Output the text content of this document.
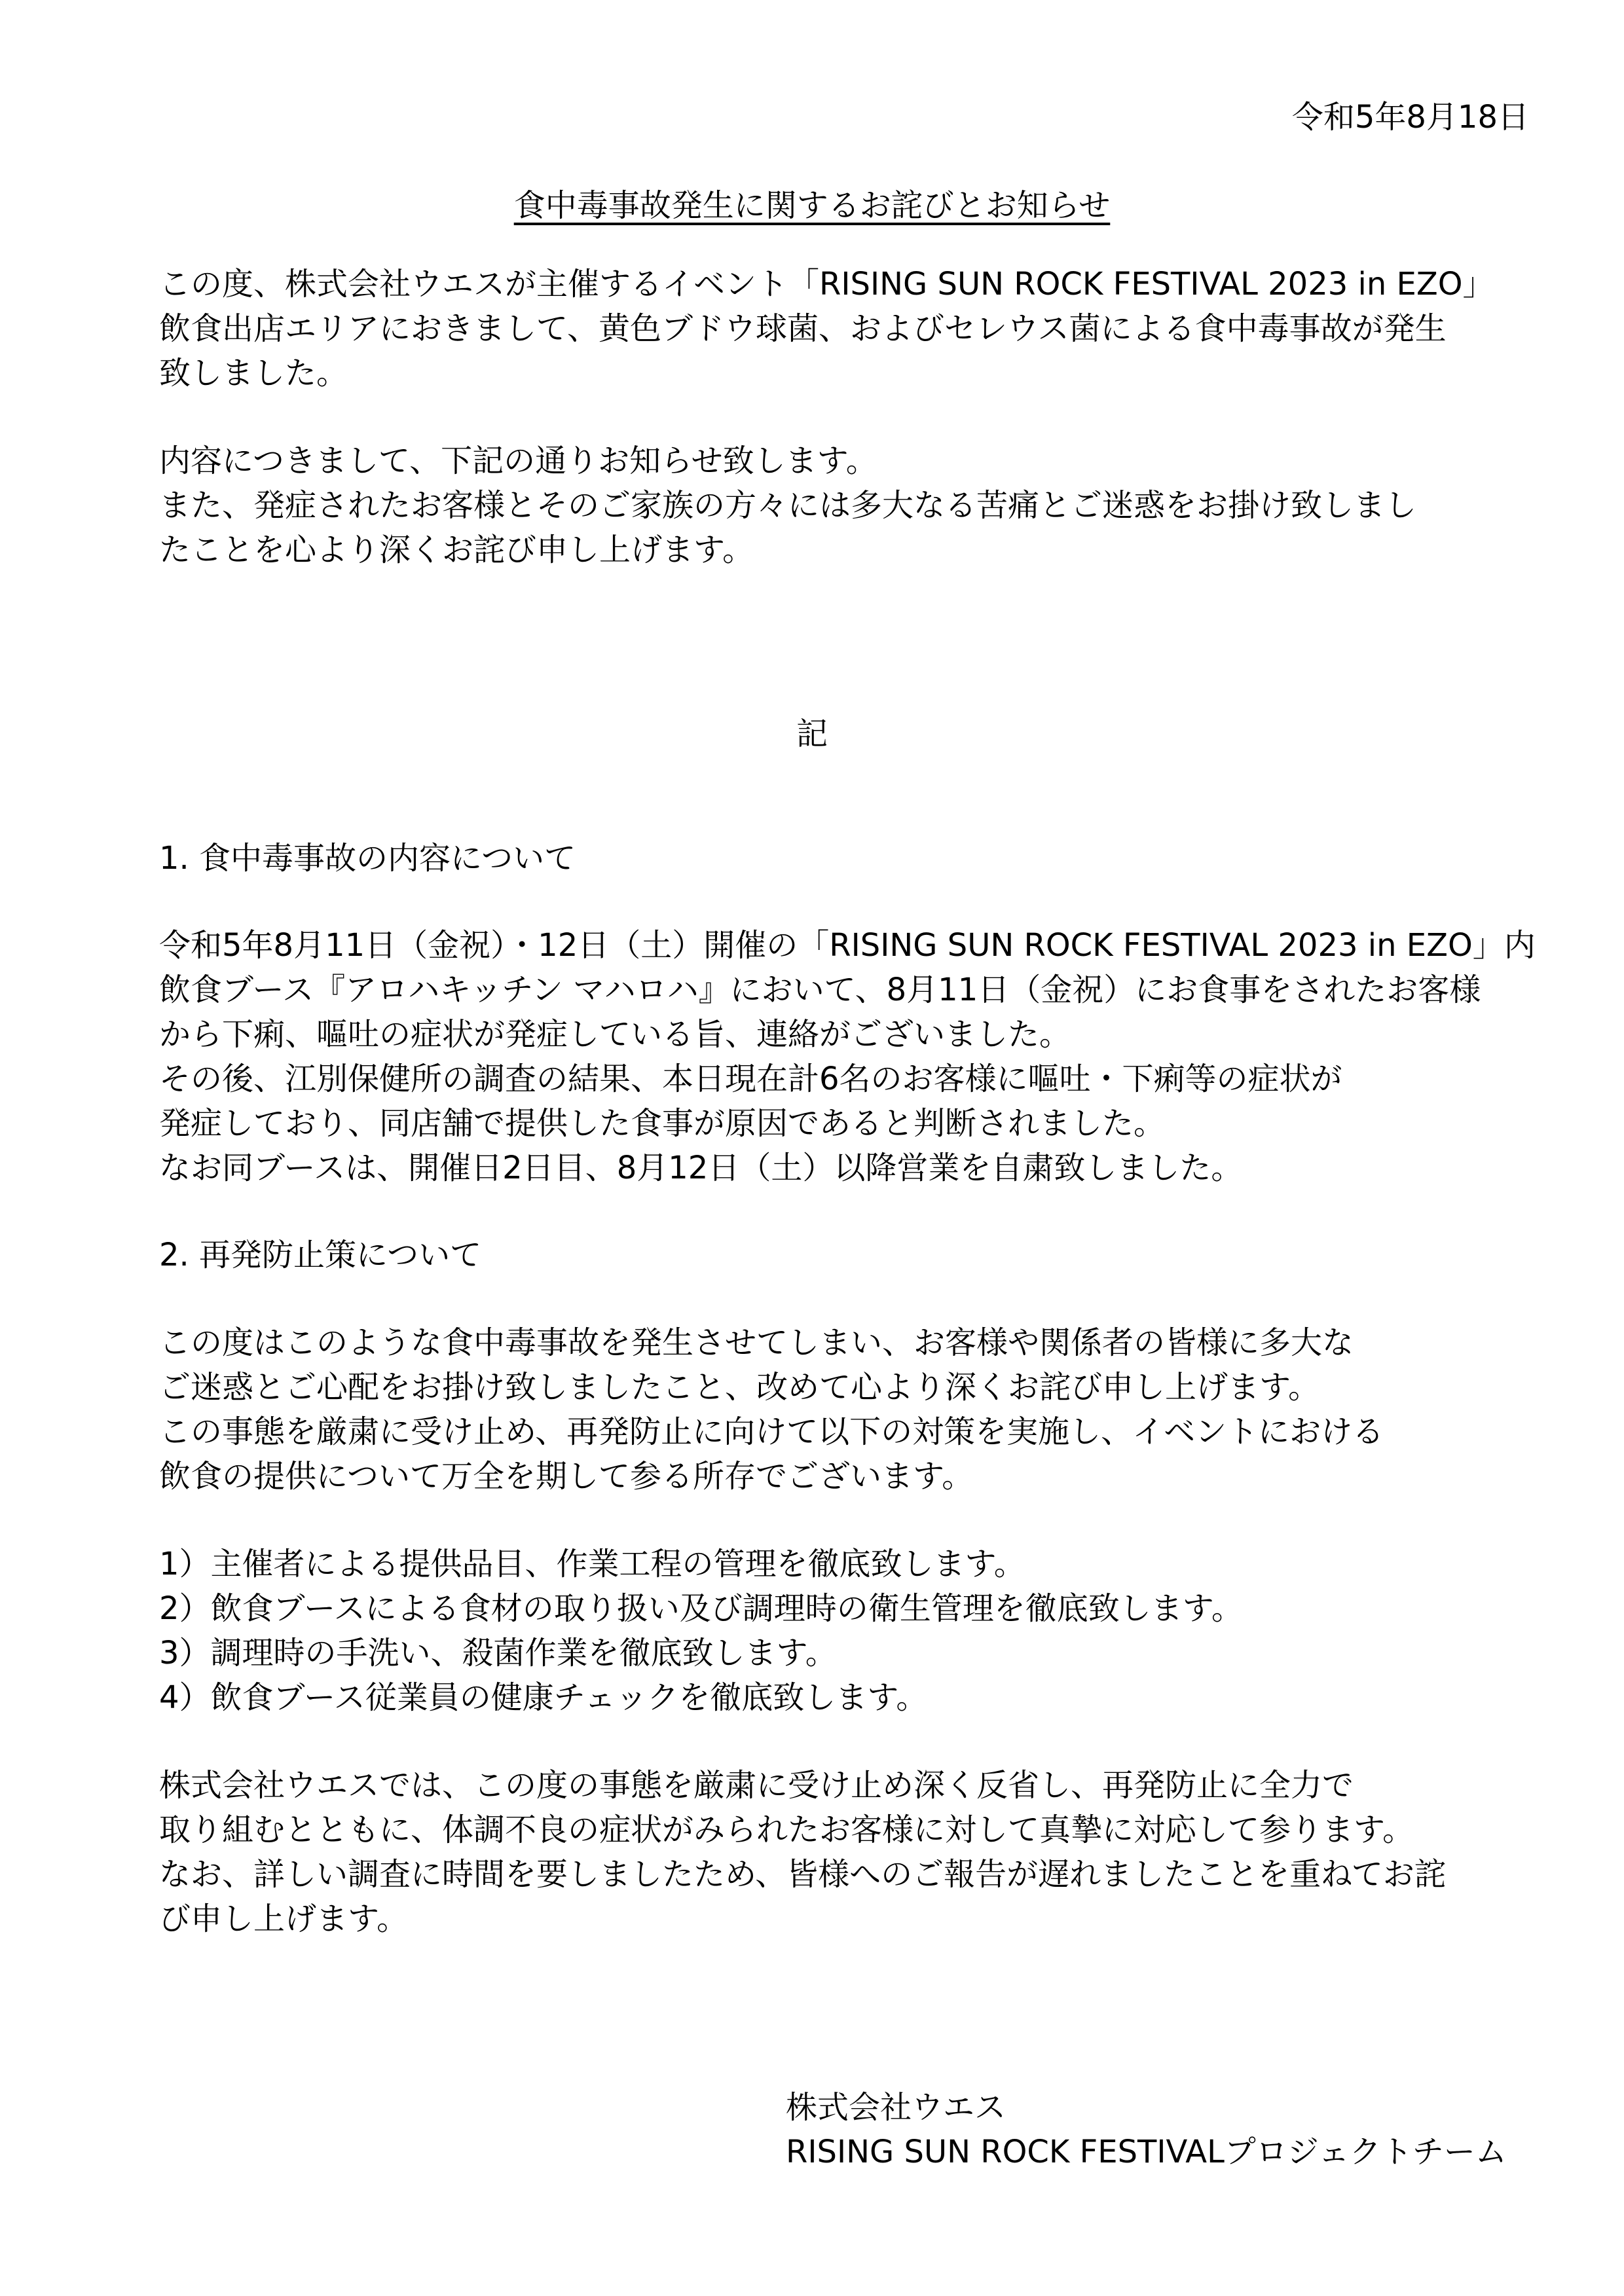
令和5年8月18日
食中毒事故発生に関するお詫びとお知らせ
この度、株式会社ウエスが主催するイベント「RISING SUN ROCK FESTIVAL 2023 in EZO」
飲食出店エリアにおきまして、黄色ブドウ球菌、およびセレウス菌による食中毒事故が発生
致しました。
内容につきまして、下記の通りお知らせ致します。
また、発症されたお客様とそのご家族の方々には多大なる苦痛とご迷惑をお掛け致しまし
たことを心より深くお詫び申し上げます。
記
1. 食中毒事故の内容について
令和5年8月11日（金祝）・12日（土）開催の「RISING SUN ROCK FESTIVAL 2023 in EZO」内
飲食ブース『アロハキッチン マハロハ』において、8月11日（金祝）にお食事をされたお客様
から下痢、嘔吐の症状が発症している旨、連絡がございました。
その後、江別保健所の調査の結果、本日現在計6名のお客様に嘔吐・下痢等の症状が
発症しており、同店舗で提供した食事が原因であると判断されました。
なお同ブースは、開催日2日目、8月12日（土）以降営業を自粛致しました。
2. 再発防止策について
この度はこのような食中毒事故を発生させてしまい、お客様や関係者の皆様に多大な
ご迷惑とご心配をお掛け致しましたこと、改めて心より深くお詫び申し上げます。
この事態を厳粛に受け止め、再発防止に向けて以下の対策を実施し、イベントにおける
飲食の提供について万全を期して参る所存でございます。
1）主催者による提供品目、作業工程の管理を徹底致します。
2）飲食ブースによる食材の取り扱い及び調理時の衛生管理を徹底致します。
3）調理時の手洗い、殺菌作業を徹底致します。
4）飲食ブース従業員の健康チェックを徹底致します。
株式会社ウエスでは、この度の事態を厳粛に受け止め深く反省し、再発防止に全力で
取り組むとともに、体調不良の症状がみられたお客様に対して真摯に対応して参ります。
なお、詳しい調査に時間を要しましたため、皆様へのご報告が遅れましたことを重ねてお詫
び申し上げます。
株式会社ウエス
RISING SUN ROCK FESTIVALプロジェクトチーム
